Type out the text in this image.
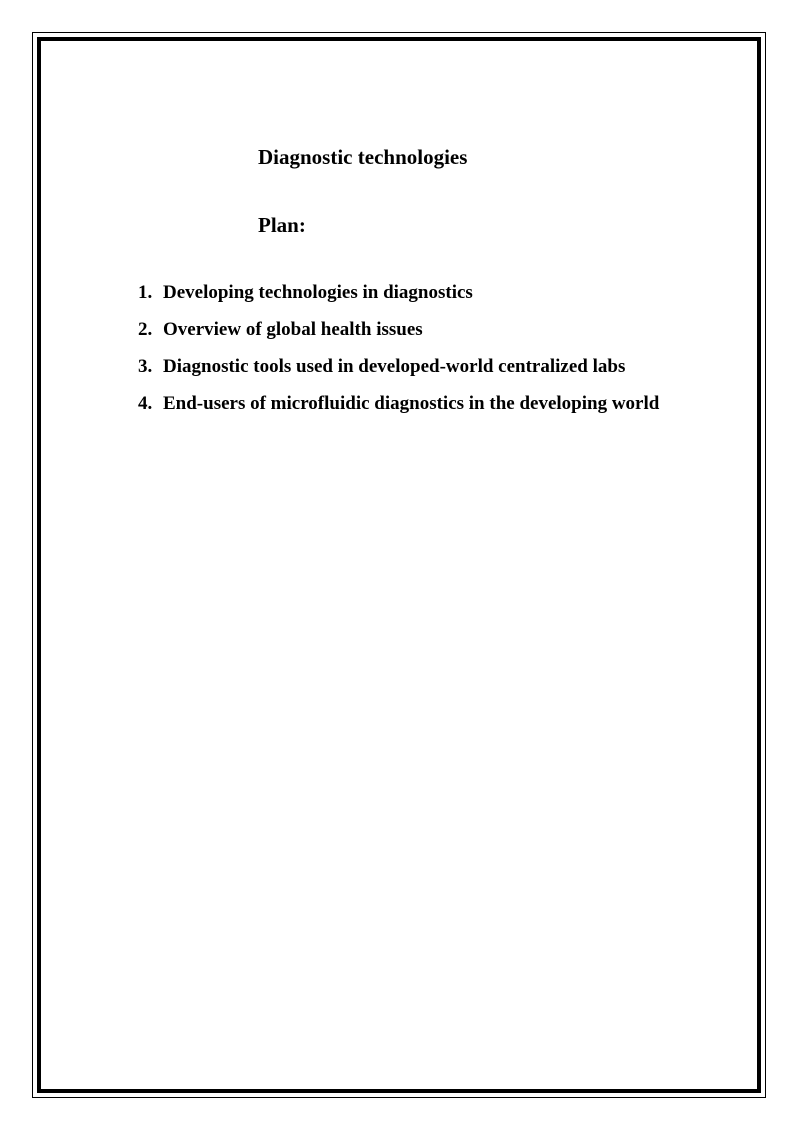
Diagnostic technologies
Plan:
1. Developing technologies in diagnostics
2. Overview of global health issues
3. Diagnostic tools used in developed-world centralized labs
4. End-users of microfluidic diagnostics in the developing world
